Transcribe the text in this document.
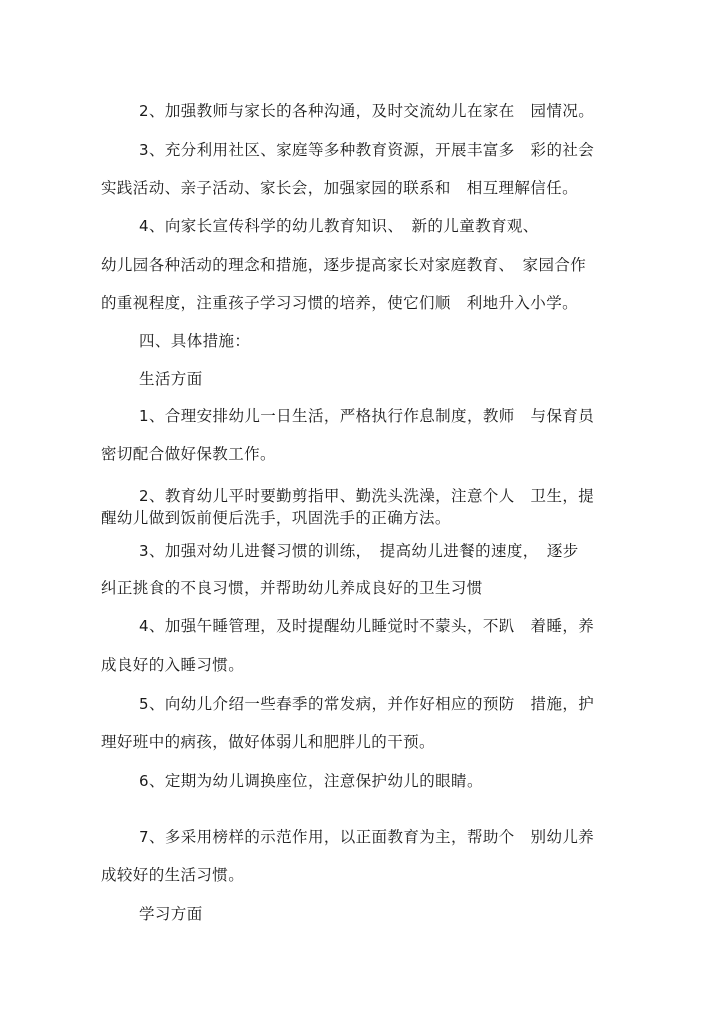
2、加强教师与家长的各种沟通，及时交流幼儿在家在　园情况。
3、充分利用社区、家庭等多种教育资源，开展丰富多　彩的社会
实践活动、亲子活动、家长会，加强家园的联系和　相互理解信任。
4、向家长宣传科学的幼儿教育知识、　新的儿童教育观、
幼儿园各种活动的理念和措施，逐步提高家长对家庭教育、　家园合作
的重视程度，注重孩子学习习惯的培养，使它们顺　利地升入小学。
四、具体措施：
生活方面
1、合理安排幼儿一日生活，严格执行作息制度，教师　与保育员
密切配合做好保教工作。
2、教育幼儿平时要勤剪指甲、勤洗头洗澡，注意个人　卫生，提
醒幼儿做到饭前便后洗手，巩固洗手的正确方法。
3、加强对幼儿进餐习惯的训练，　提高幼儿进餐的速度，　逐步
纠正挑食的不良习惯，并帮助幼儿养成良好的卫生习惯
4、加强午睡管理，及时提醒幼儿睡觉时不蒙头，不趴　着睡，养
成良好的入睡习惯。
5、向幼儿介绍一些春季的常发病，并作好相应的预防　措施，护
理好班中的病孩，做好体弱儿和肥胖儿的干预。
6、定期为幼儿调换座位，注意保护幼儿的眼睛。
7、多采用榜样的示范作用，以正面教育为主，帮助个　别幼儿养
成较好的生活习惯。
学习方面
